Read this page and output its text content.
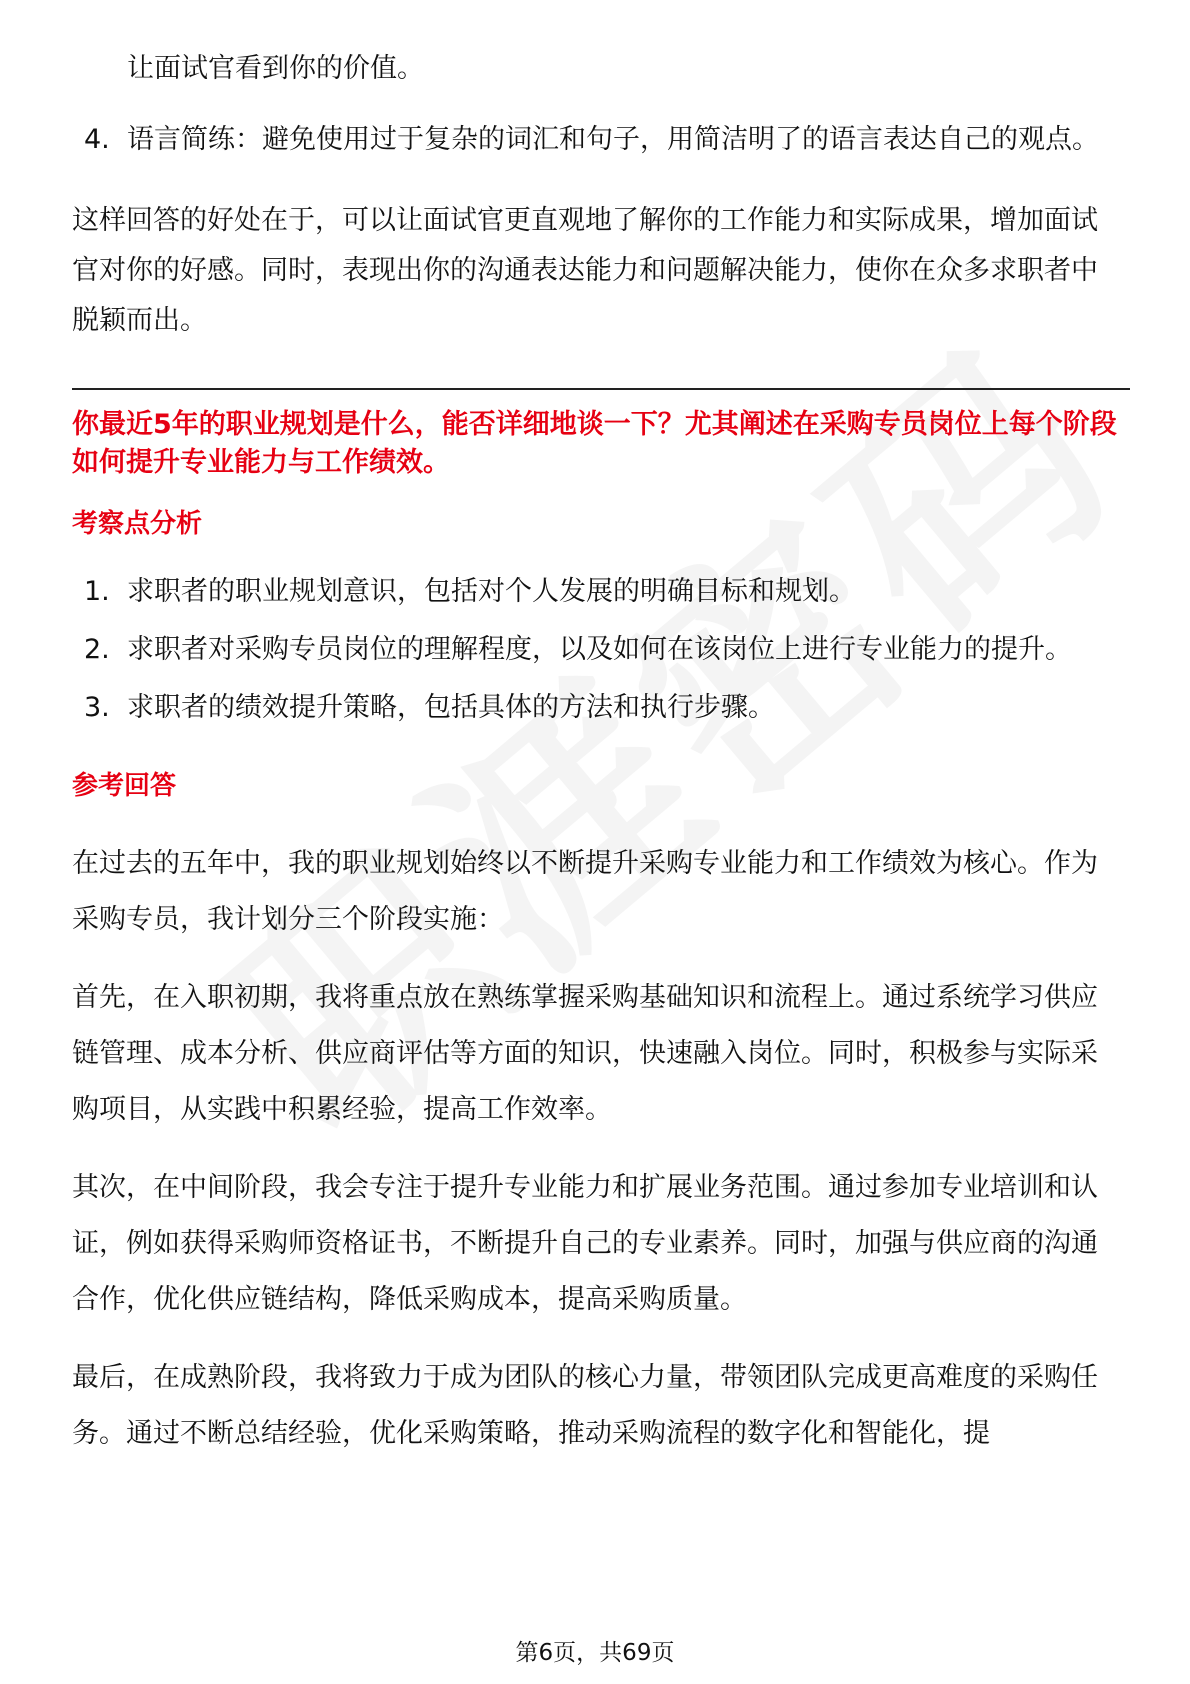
让面试官看到你的价值。

4. 语言简练：避免使用过于复杂的词汇和句子，用简洁明了的语言表达自己的观点。

这样回答的好处在于，可以让面试官更直观地了解你的工作能力和实际成果，增加面试官对你的好感。同时，表现出你的沟通表达能力和问题解决能力，使你在众多求职者中脱颖而出。

你最近5年的职业规划是什么，能否详细地谈一下？尤其阐述在采购专员岗位上每个阶段如何提升专业能力与工作绩效。

考察点分析

1. 求职者的职业规划意识，包括对个人发展的明确目标和规划。
2. 求职者对采购专员岗位的理解程度，以及如何在该岗位上进行专业能力的提升。
3. 求职者的绩效提升策略，包括具体的方法和执行步骤。

参考回答

在过去的五年中，我的职业规划始终以不断提升采购专业能力和工作绩效为核心。作为采购专员，我计划分三个阶段实施：

首先，在入职初期，我将重点放在熟练掌握采购基础知识和流程上。通过系统学习供应链管理、成本分析、供应商评估等方面的知识，快速融入岗位。同时，积极参与实际采购项目，从实践中积累经验，提高工作效率。

其次，在中间阶段，我会专注于提升专业能力和扩展业务范围。通过参加专业培训和认证，例如获得采购师资格证书，不断提升自己的专业素养。同时，加强与供应商的沟通合作，优化供应链结构，降低采购成本，提高采购质量。

最后，在成熟阶段，我将致力于成为团队的核心力量，带领团队完成更高难度的采购任务。通过不断总结经验，优化采购策略，推动采购流程的数字化和智能化，提

第6页，共69页
